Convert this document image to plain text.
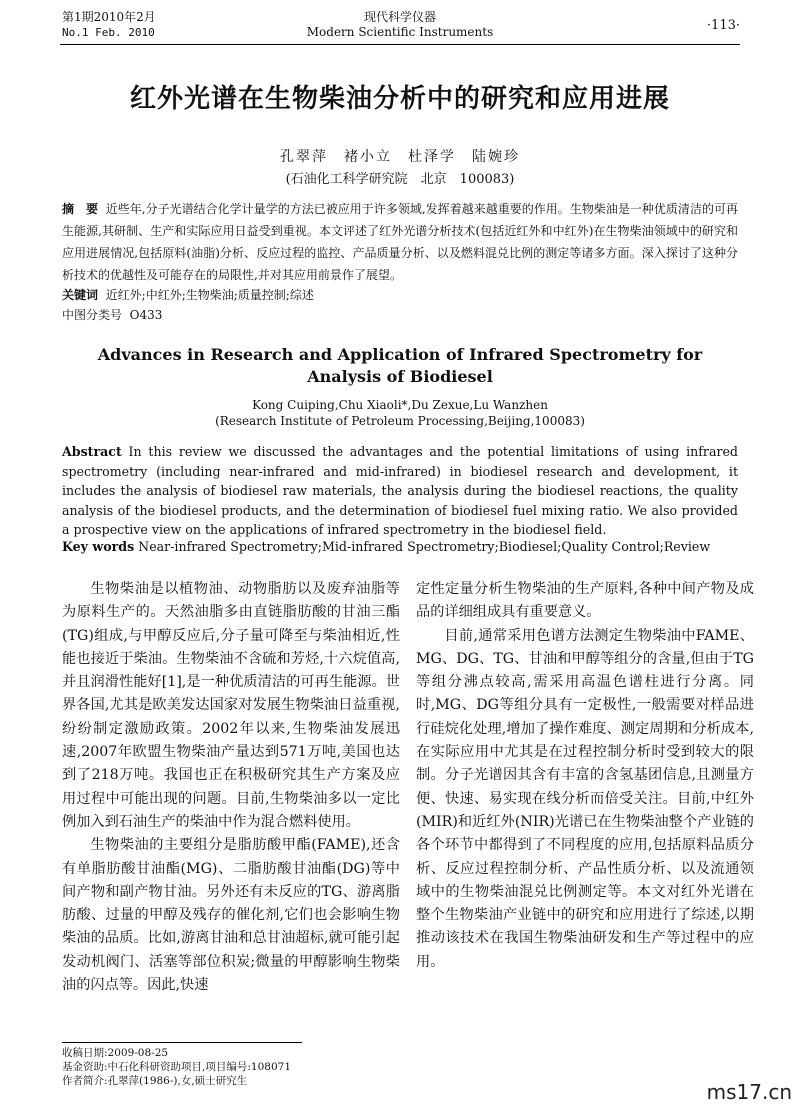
第1期2010年2月
No.1 Feb. 2010
现代科学仪器
Modern Scientific Instruments	·113·
红外光谱在生物柴油分析中的研究和应用进展
孔翠萍　褚小立　杜泽学　陆婉珍
(石油化工科学研究院　北京　100083)
摘　要 近些年,分子光谱结合化学计量学的方法已被应用于许多领域,发挥着越来越重要的作用。生物柴油是一种优质清洁的可再生能源,其研制、生产和实际应用日益受到重视。本文评述了红外光谱分析技术(包括近红外和中红外)在生物柴油领域中的研究和应用进展情况,包括原料(油脂)分析、反应过程的监控、产品质量分析、以及燃料混兑比例的测定等诸多方面。深入探讨了这种分析技术的优越性及可能存在的局限性,并对其应用前景作了展望。
关键词 近红外;中红外;生物柴油;质量控制;综述
中图分类号 O433
Advances in Research and Application of Infrared Spectrometry for Analysis of Biodiesel
Kong Cuiping,Chu Xiaoli*,Du Zexue,Lu Wanzhen
(Research Institute of Petroleum Processing,Beijing,100083)
Abstract In this review we discussed the advantages and the potential limitations of using infrared spectrometry (including near-infrared and mid-infrared) in biodiesel research and development, it includes the analysis of biodiesel raw materials, the analysis during the biodiesel reactions, the quality analysis of the biodiesel products, and the determination of biodiesel fuel mixing ratio. We also provided a prospective view on the applications of infrared spectrometry in the biodiesel field.
Key words Near-infrared Spectrometry;Mid-infrared Spectrometry;Biodiesel;Quality Control;Review

生物柴油是以植物油、动物脂肪以及废弃油脂等为原料生产的。天然油脂多由直链脂肪酸的甘油三酯(TG)组成,与甲醇反应后,分子量可降至与柴油相近,性能也接近于柴油。生物柴油不含硫和芳烃,十六烷值高,并且润滑性能好[1],是一种优质清洁的可再生能源。世界各国,尤其是欧美发达国家对发展生物柴油日益重视,纷纷制定激励政策。2002年以来,生物柴油发展迅速,2007年欧盟生物柴油产量达到571万吨,美国也达到了218万吨。我国也正在积极研究其生产方案及应用过程中可能出现的问题。目前,生物柴油多以一定比例加入到石油生产的柴油中作为混合燃料使用。

生物柴油的主要组分是脂肪酸甲酯(FAME),还含有单脂肪酸甘油酯(MG)、二脂肪酸甘油酯(DG)等中间产物和副产物甘油。另外还有未反应的TG、游离脂肪酸、过量的甲醇及残存的催化剂,它们也会影响生物柴油的品质。比如,游离甘油和总甘油超标,就可能引起发动机阀门、活塞等部位积炭;微量的甲醇影响生物柴油的闪点等。因此,快速

定性定量分析生物柴油的生产原料,各种中间产物及成品的详细组成具有重要意义。

目前,通常采用色谱方法测定生物柴油中FAME、MG、DG、TG、甘油和甲醇等组分的含量,但由于TG等组分沸点较高,需采用高温色谱柱进行分离。同时,MG、DG等组分具有一定极性,一般需要对样品进行硅烷化处理,增加了操作难度、测定周期和分析成本,在实际应用中尤其是在过程控制分析时受到较大的限制。分子光谱因其含有丰富的含氢基团信息,且测量方便、快速、易实现在线分析而倍受关注。目前,中红外(MIR)和近红外(NIR)光谱已在生物柴油整个产业链的各个环节中都得到了不同程度的应用,包括原料品质分析、反应过程控制分析、产品性质分析、以及流通领域中的生物柴油混兑比例测定等。本文对红外光谱在整个生物柴油产业链中的研究和应用进行了综述,以期推动该技术在我国生物柴油研发和生产等过程中的应用。

收稿日期:2009-08-25
基金资助:中石化科研资助项目,项目编号:108071
作者简介:孔翠萍(1986-),女,硕士研究生	ms17.cn
